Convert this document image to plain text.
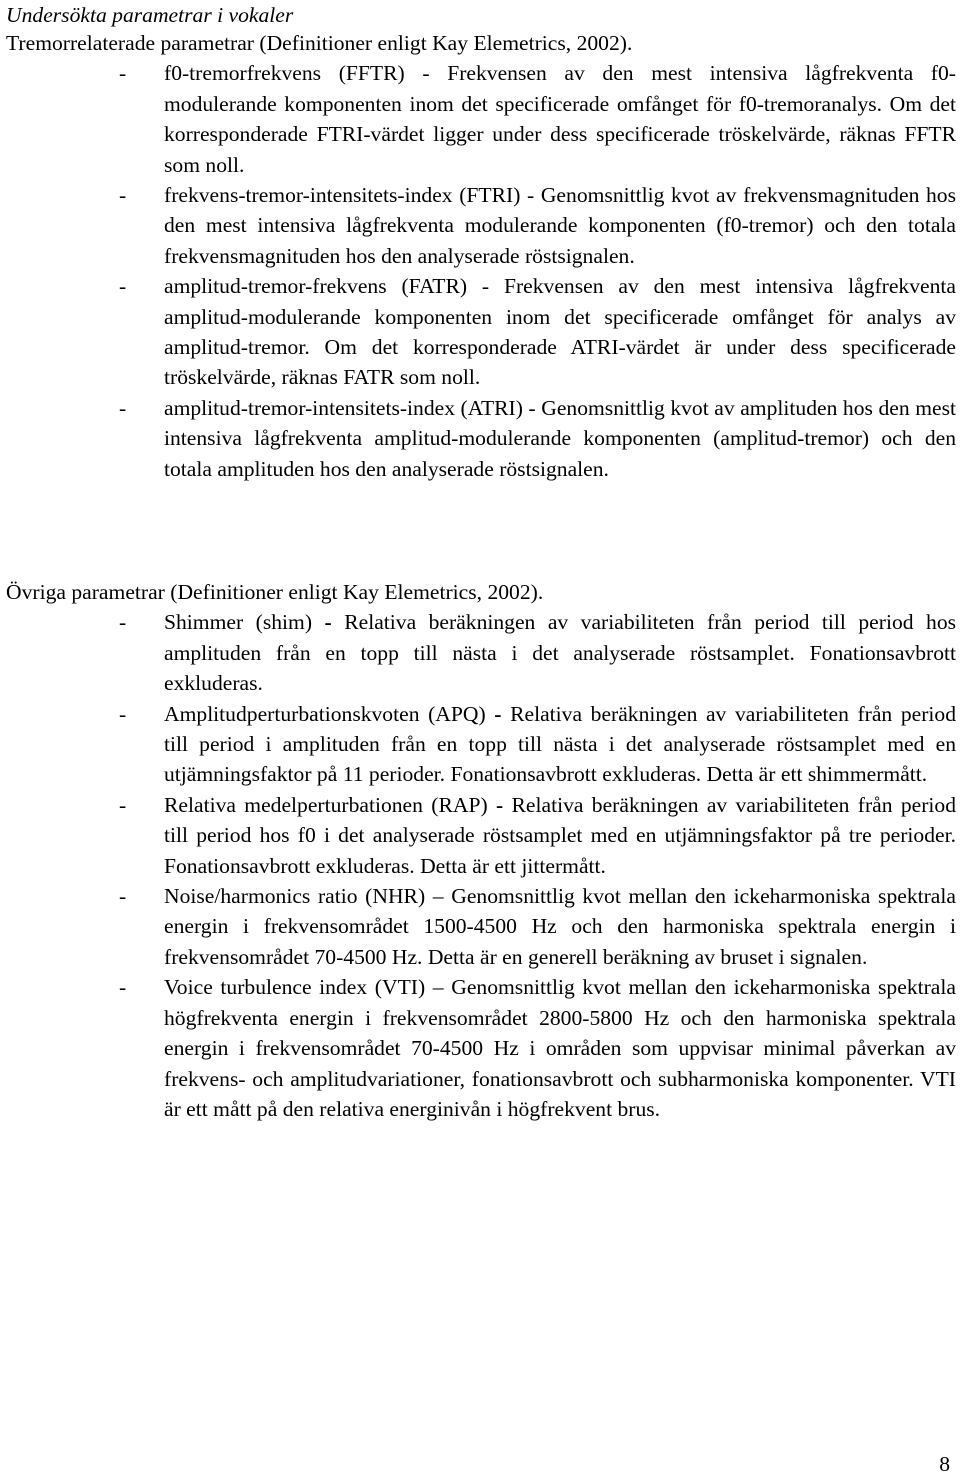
Undersökta parametrar i vokaler

Tremorrelaterade parametrar (Definitioner enligt Kay Elemetrics, 2002).

- f0-tremorfrekvens (FFTR) - Frekvensen av den mest intensiva lågfrekventa f0-modulerande komponenten inom det specificerade omfånget för f0-tremoranalys. Om det korresponderade FTRI-värdet ligger under dess specificerade tröskelvärde, räknas FFTR som noll.
- frekvens-tremor-intensitets-index (FTRI) - Genomsnittlig kvot av frekvensmagnituden hos den mest intensiva lågfrekventa modulerande komponenten (f0-tremor) och den totala frekvensmagnituden hos den analyserade röstsignalen.
- amplitud-tremor-frekvens (FATR) - Frekvensen av den mest intensiva lågfrekventa amplitud-modulerande komponenten inom det specificerade omfånget för analys av amplitud-tremor. Om det korresponderade ATRI-värdet är under dess specificerade tröskelvärde, räknas FATR som noll.
- amplitud-tremor-intensitets-index (ATRI) - Genomsnittlig kvot av amplituden hos den mest intensiva lågfrekventa amplitud-modulerande komponenten (amplitud-tremor) och den totala amplituden hos den analyserade röstsignalen.

Övriga parametrar (Definitioner enligt Kay Elemetrics, 2002).

- Shimmer (shim) - Relativa beräkningen av variabiliteten från period till period hos amplituden från en topp till nästa i det analyserade röstsamplet. Fonationsavbrott exkluderas.
- Amplitudperturbationskvoten (APQ) - Relativa beräkningen av variabiliteten från period till period i amplituden från en topp till nästa i det analyserade röstsamplet med en utjämningsfaktor på 11 perioder. Fonationsavbrott exkluderas. Detta är ett shimmermått.
- Relativa medelperturbationen (RAP) - Relativa beräkningen av variabiliteten från period till period hos f0 i det analyserade röstsamplet med en utjämningsfaktor på tre perioder. Fonationsavbrott exkluderas. Detta är ett jittermått.
- Noise/harmonics ratio (NHR) – Genomsnittlig kvot mellan den ickeharmoniska spektrala energin i frekvensområdet 1500-4500 Hz och den harmoniska spektrala energin i frekvensområdet 70-4500 Hz. Detta är en generell beräkning av bruset i signalen.
- Voice turbulence index (VTI) – Genomsnittlig kvot mellan den ickeharmoniska spektrala högfrekventa energin i frekvensområdet 2800-5800 Hz och den harmoniska spektrala energin i frekvensområdet 70-4500 Hz i områden som uppvisar minimal påverkan av frekvens- och amplitudvariationer, fonationsavbrott och subharmoniska komponenter. VTI är ett mått på den relativa energinivån i högfrekvent brus.

8
